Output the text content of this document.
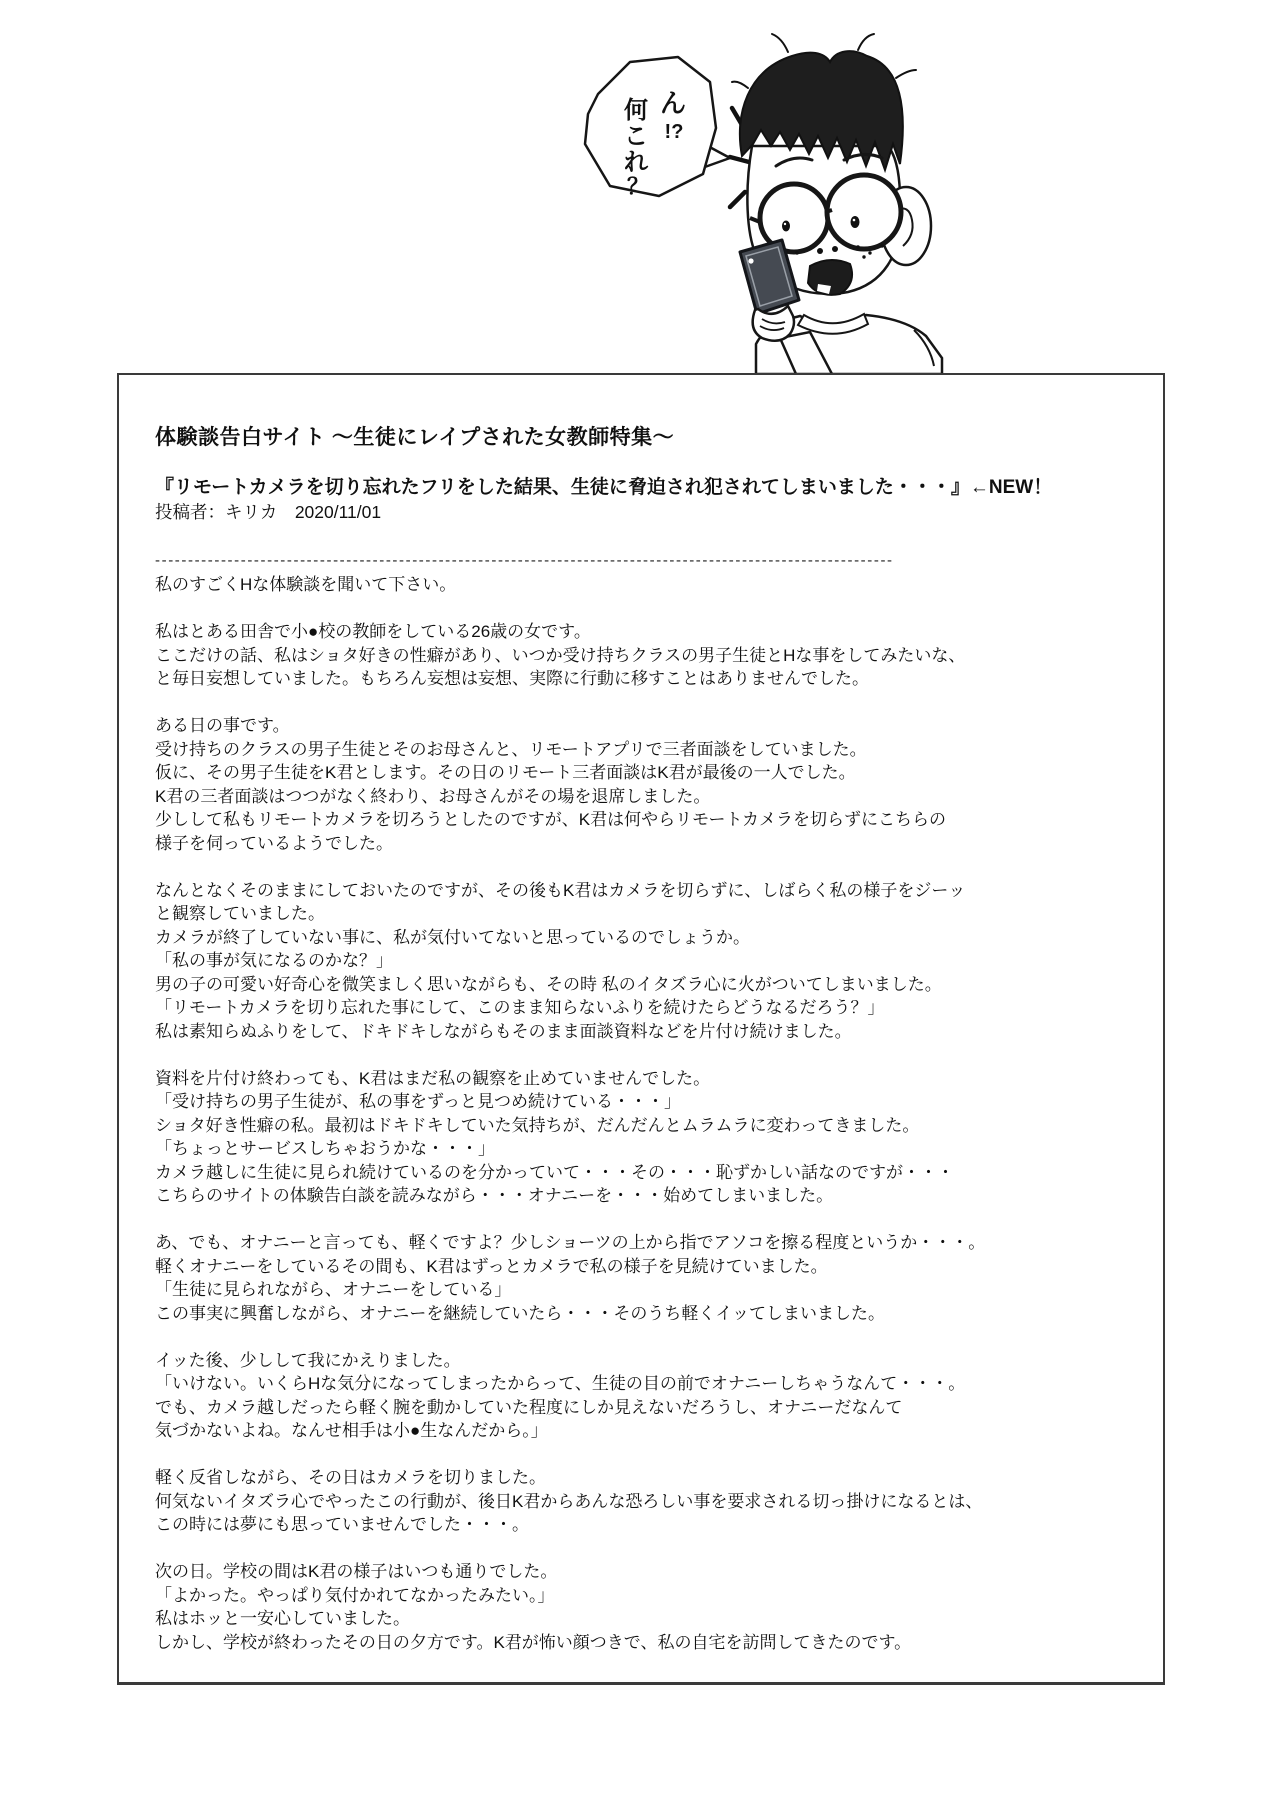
ん
!?
何
こ
れ
？
体験談告白サイト ～生徒にレイプされた女教師特集～
『リモートカメラを切り忘れたフリをした結果、生徒に脅迫され犯されてしまいました・・・』←NEW！
投稿者：キリカ　2020/11/01
----------------------------------------------------------------------------------------------------------------
私のすごくHな体験談を聞いて下さい。

私はとある田舎で小●校の教師をしている26歳の女です。
ここだけの話、私はショタ好きの性癖があり、いつか受け持ちクラスの男子生徒とHな事をしてみたいな、
と毎日妄想していました。もちろん妄想は妄想、実際に行動に移すことはありませんでした。

ある日の事です。
受け持ちのクラスの男子生徒とそのお母さんと、リモートアプリで三者面談をしていました。
仮に、その男子生徒をK君とします。その日のリモート三者面談はK君が最後の一人でした。
K君の三者面談はつつがなく終わり、お母さんがその場を退席しました。
少しして私もリモートカメラを切ろうとしたのですが、K君は何やらリモートカメラを切らずにこちらの
様子を伺っているようでした。

なんとなくそのままにしておいたのですが、その後もK君はカメラを切らずに、しばらく私の様子をジーッ
と観察していました。
カメラが終了していない事に、私が気付いてないと思っているのでしょうか。
「私の事が気になるのかな？」
男の子の可愛い好奇心を微笑ましく思いながらも、その時 私のイタズラ心に火がついてしまいました。
「リモートカメラを切り忘れた事にして、このまま知らないふりを続けたらどうなるだろう？」
私は素知らぬふりをして、ドキドキしながらもそのまま面談資料などを片付け続けました。

資料を片付け終わっても、K君はまだ私の観察を止めていませんでした。
「受け持ちの男子生徒が、私の事をずっと見つめ続けている・・・」
ショタ好き性癖の私。最初はドキドキしていた気持ちが、だんだんとムラムラに変わってきました。
「ちょっとサービスしちゃおうかな・・・」
カメラ越しに生徒に見られ続けているのを分かっていて・・・その・・・恥ずかしい話なのですが・・・
こちらのサイトの体験告白談を読みながら・・・オナニーを・・・始めてしまいました。

あ、でも、オナニーと言っても、軽くですよ？少しショーツの上から指でアソコを擦る程度というか・・・。
軽くオナニーをしているその間も、K君はずっとカメラで私の様子を見続けていました。
「生徒に見られながら、オナニーをしている」
この事実に興奮しながら、オナニーを継続していたら・・・そのうち軽くイッてしまいました。

イッた後、少しして我にかえりました。
「いけない。いくらHな気分になってしまったからって、生徒の目の前でオナニーしちゃうなんて・・・。
でも、カメラ越しだったら軽く腕を動かしていた程度にしか見えないだろうし、オナニーだなんて
気づかないよね。なんせ相手は小●生なんだから。」

軽く反省しながら、その日はカメラを切りました。
何気ないイタズラ心でやったこの行動が、後日K君からあんな恐ろしい事を要求される切っ掛けになるとは、
この時には夢にも思っていませんでした・・・。

次の日。学校の間はK君の様子はいつも通りでした。
「よかった。やっぱり気付かれてなかったみたい。」
私はホッと一安心していました。
しかし、学校が終わったその日の夕方です。K君が怖い顔つきで、私の自宅を訪問してきたのです。
